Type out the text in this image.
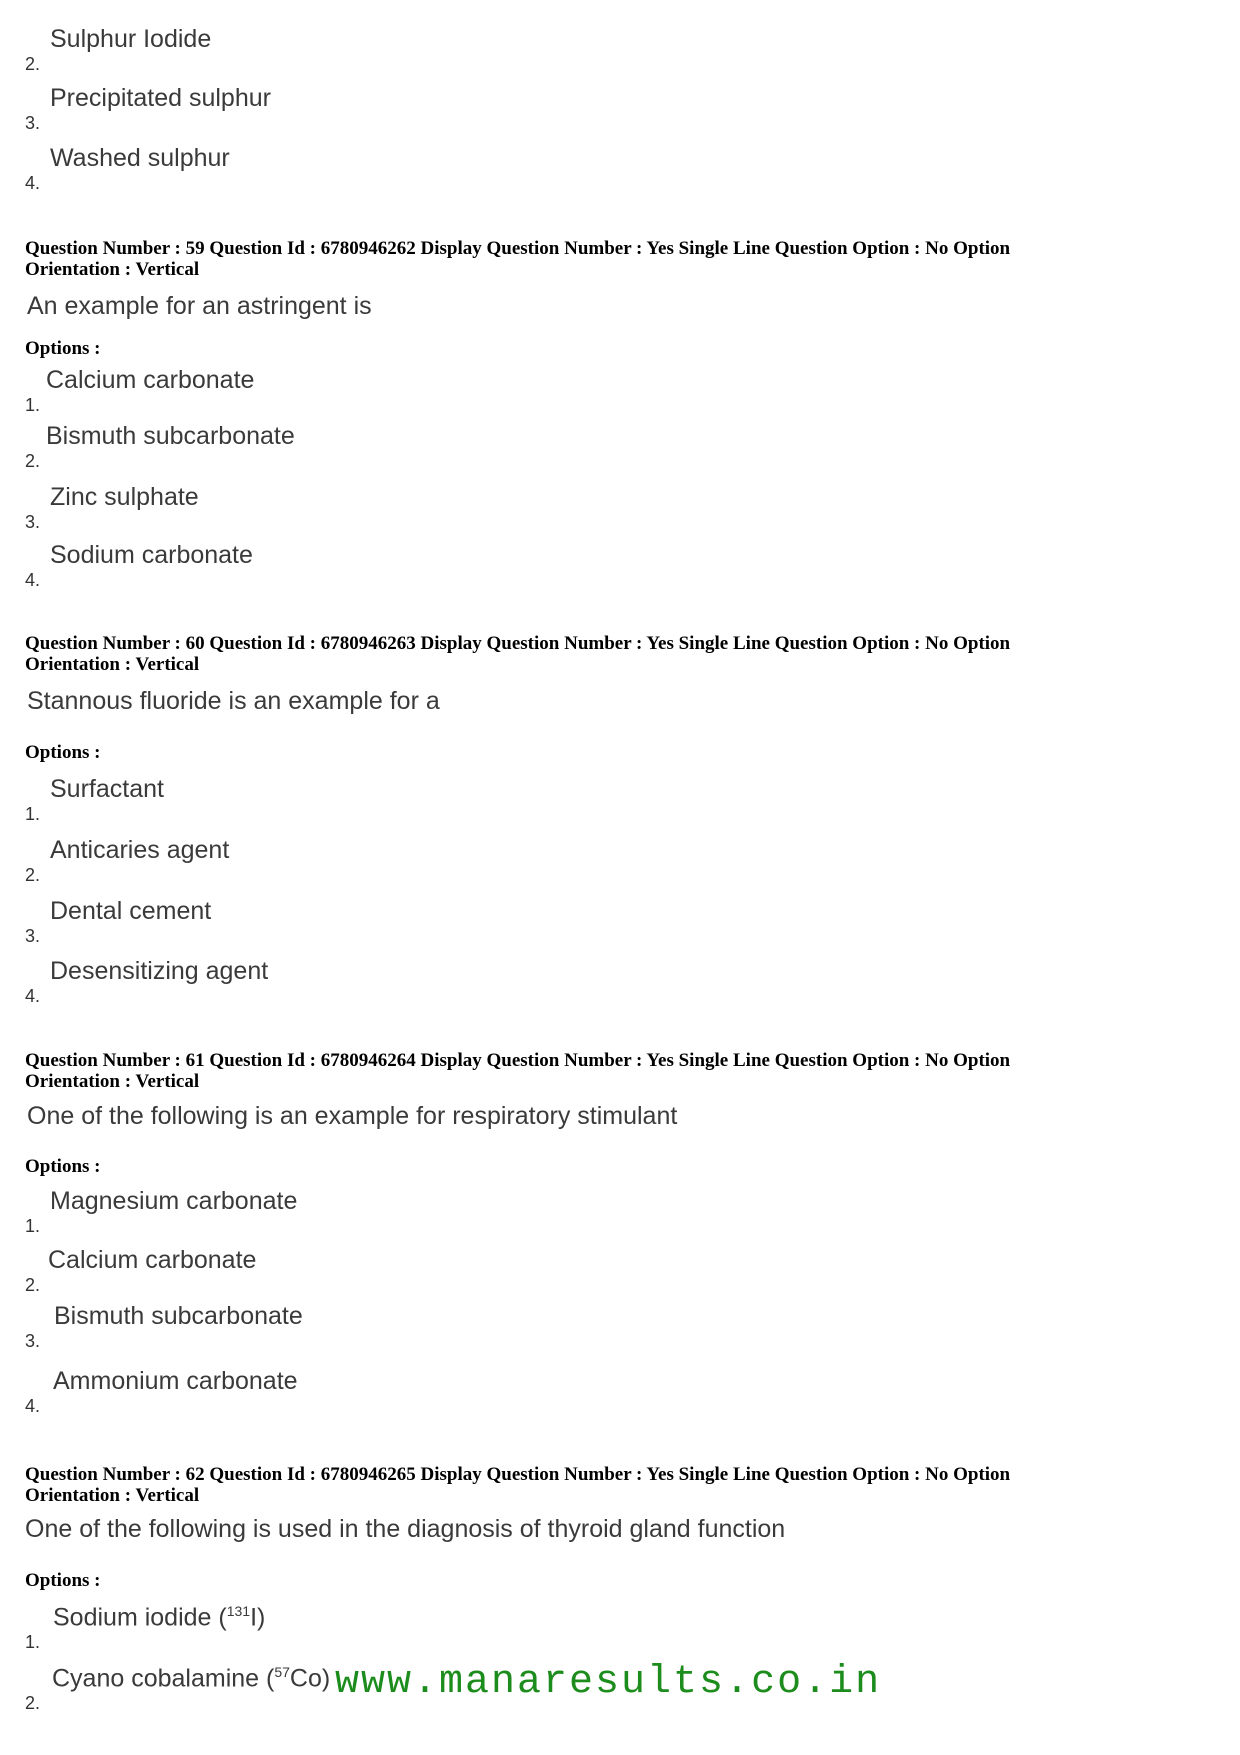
2.
Sulphur Iodide
3.
Precipitated sulphur
4.
Washed sulphur
Question Number : 59 Question Id : 6780946262 Display Question Number : Yes Single Line Question Option : No Option
Orientation : Vertical
An example for an astringent is
Options :
1.
Calcium carbonate
2.
Bismuth subcarbonate
3.
Zinc sulphate
4.
Sodium carbonate
Question Number : 60 Question Id : 6780946263 Display Question Number : Yes Single Line Question Option : No Option
Orientation : Vertical
Stannous fluoride is an example for a
Options :
1.
Surfactant
2.
Anticaries agent
3.
Dental cement
4.
Desensitizing agent
Question Number : 61 Question Id : 6780946264 Display Question Number : Yes Single Line Question Option : No Option
Orientation : Vertical
One of the following is an example for respiratory stimulant
Options :
1.
Magnesium carbonate
2.
Calcium carbonate
3.
Bismuth subcarbonate
4.
Ammonium carbonate
Question Number : 62 Question Id : 6780946265 Display Question Number : Yes Single Line Question Option : No Option
Orientation : Vertical
One of the following is used in the diagnosis of thyroid gland function
Options :
1.
Sodium iodide ($^{131}$I)
2.
Cyano cobalamine ($^{57}$Co) www.manaresults.co.in
